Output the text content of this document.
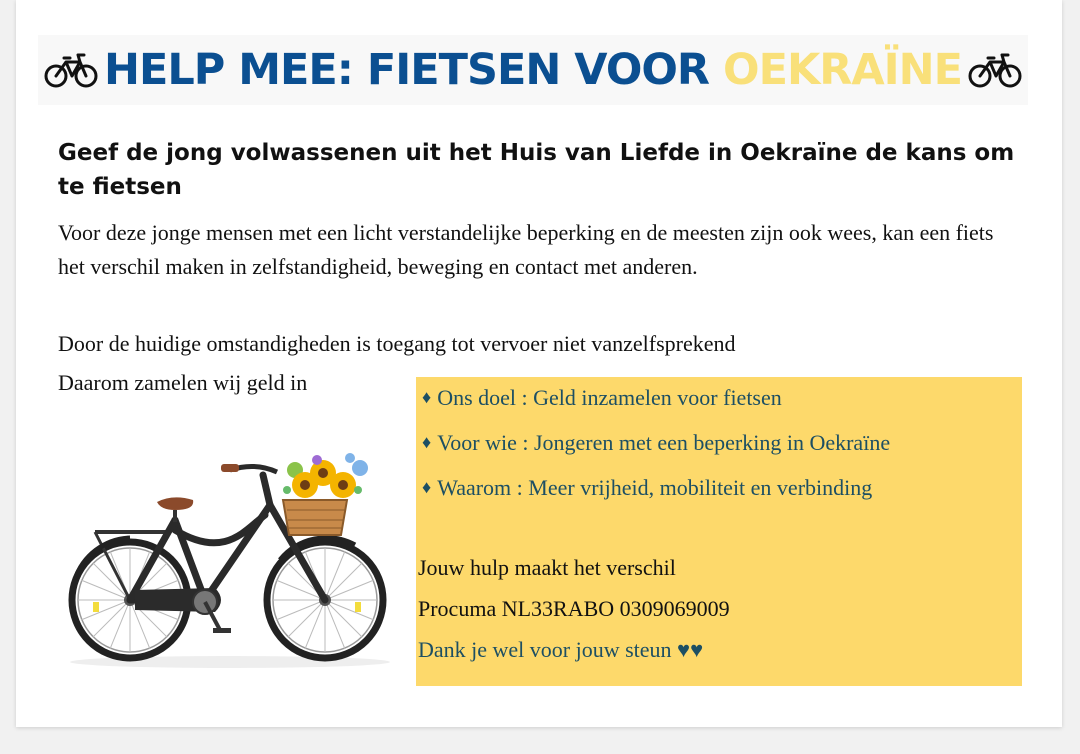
HELP MEE: FIETSEN VOOR OEKRAÏNE
Geef de jong volwassenen uit het Huis van Liefde in Oekraïne de kans om te fietsen
Voor deze jonge mensen met een licht verstandelijke beperking en de meesten zijn ook wees, kan een fiets het verschil maken in zelfstandigheid, beweging en contact met anderen.
Door de huidige omstandigheden is toegang tot vervoer niet vanzelfsprekend
Daarom zamelen wij geld in
♦ Ons doel : Geld inzamelen voor fietsen
♦ Voor wie : Jongeren met een beperking in Oekraïne
♦ Waarom : Meer vrijheid, mobiliteit en verbinding
Jouw hulp maakt het verschil
Procuma NL33RABO 0309069009
Dank je wel voor jouw steun ♥♥
